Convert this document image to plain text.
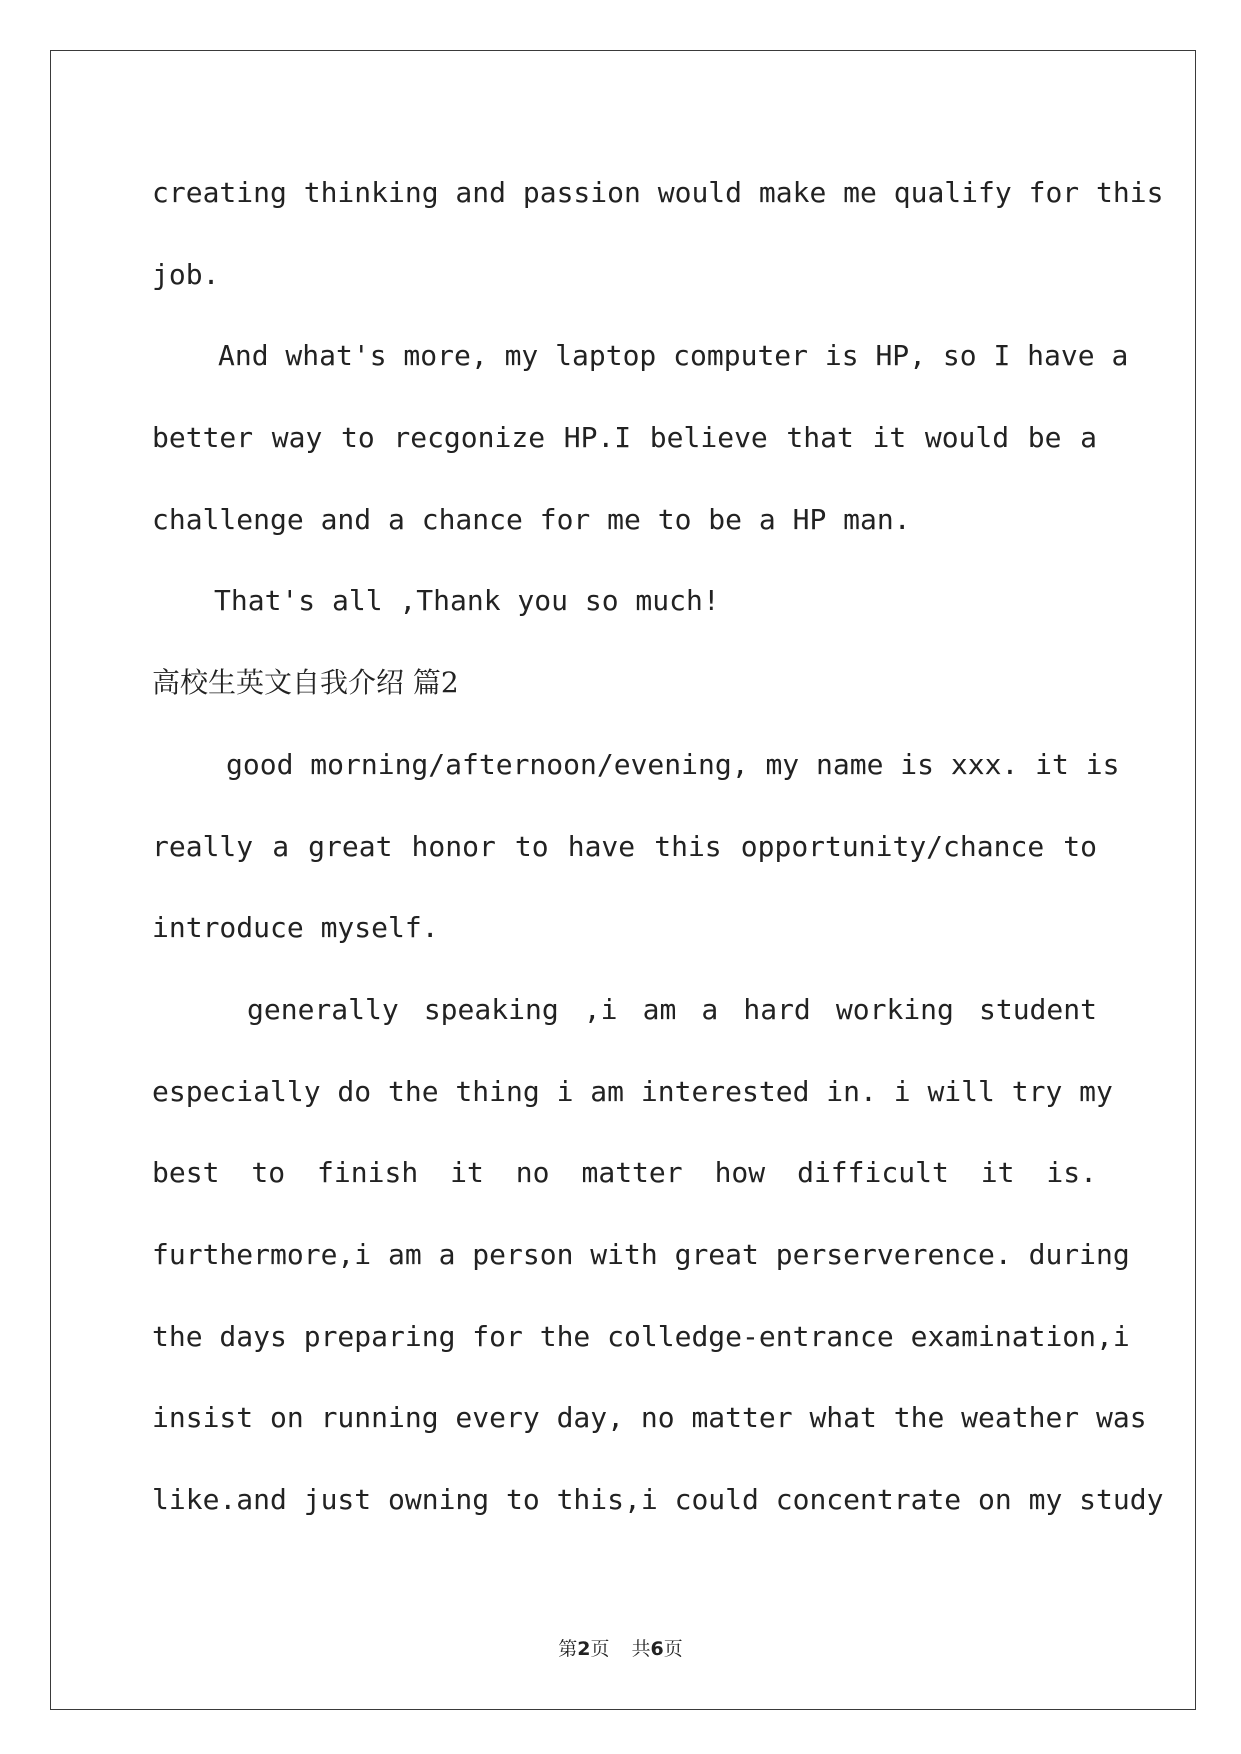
creating thinking and passion would make me qualify for this
job.
And what's more, my laptop computer is HP, so I have a
better way to recgonize HP.I believe that it would be a
challenge and a chance for me to be a HP man.
That's all ,Thank you so much!
高校生英文自我介绍 篇2
good morning/afternoon/evening, my name is xxx. it is
really a great honor to have this opportunity/chance to
introduce myself.
generally speaking ,i am a hard working student
especially do the thing i am interested in. i will try my
best to finish it no matter how difficult it is.
furthermore,i am a person with great perserverence. during
the days preparing for the colledge-entrance examination,i
insist on running every day, no matter what the weather was
like.and just owning to this,i could concentrate on my study
第2页 共6页
